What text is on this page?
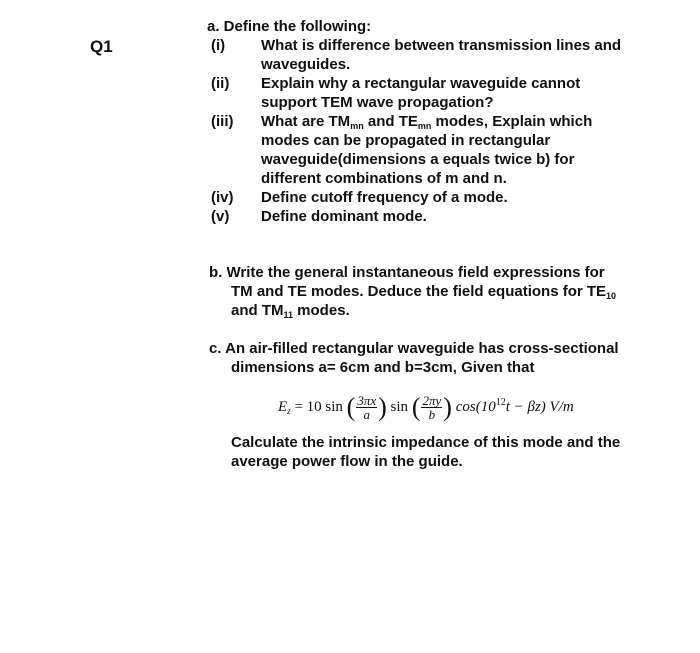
Q1
a. Define the following:
(i) What is difference between transmission lines and
waveguides.
(ii) Explain why a rectangular waveguide cannot
support TEM wave propagation?
(iii) What are $TM_{mn}$ and $TE_{mn}$ modes, Explain which
modes can be propagated in rectangular
waveguide(dimensions a equals twice b) for
different combinations of m and n.
(iv) Define cutoff frequency of a mode.
(v) Define dominant mode.
b. Write the general instantaneous field expressions for
TM and TE modes. Deduce the field equations for $TE_{10}$
and $TM_{11}$ modes.
c. An air-filled rectangular waveguide has cross-sectional
dimensions a= 6cm and b=3cm, Given that
$E_z = 10$ sin ( $\frac{3\pi x}{a}$ ) sin ( $\frac{2\pi y}{b}$ ) $\cos(10^{12}t - \beta z)$ V/m
Calculate the intrinsic impedance of this mode and the
average power flow in the guide.
